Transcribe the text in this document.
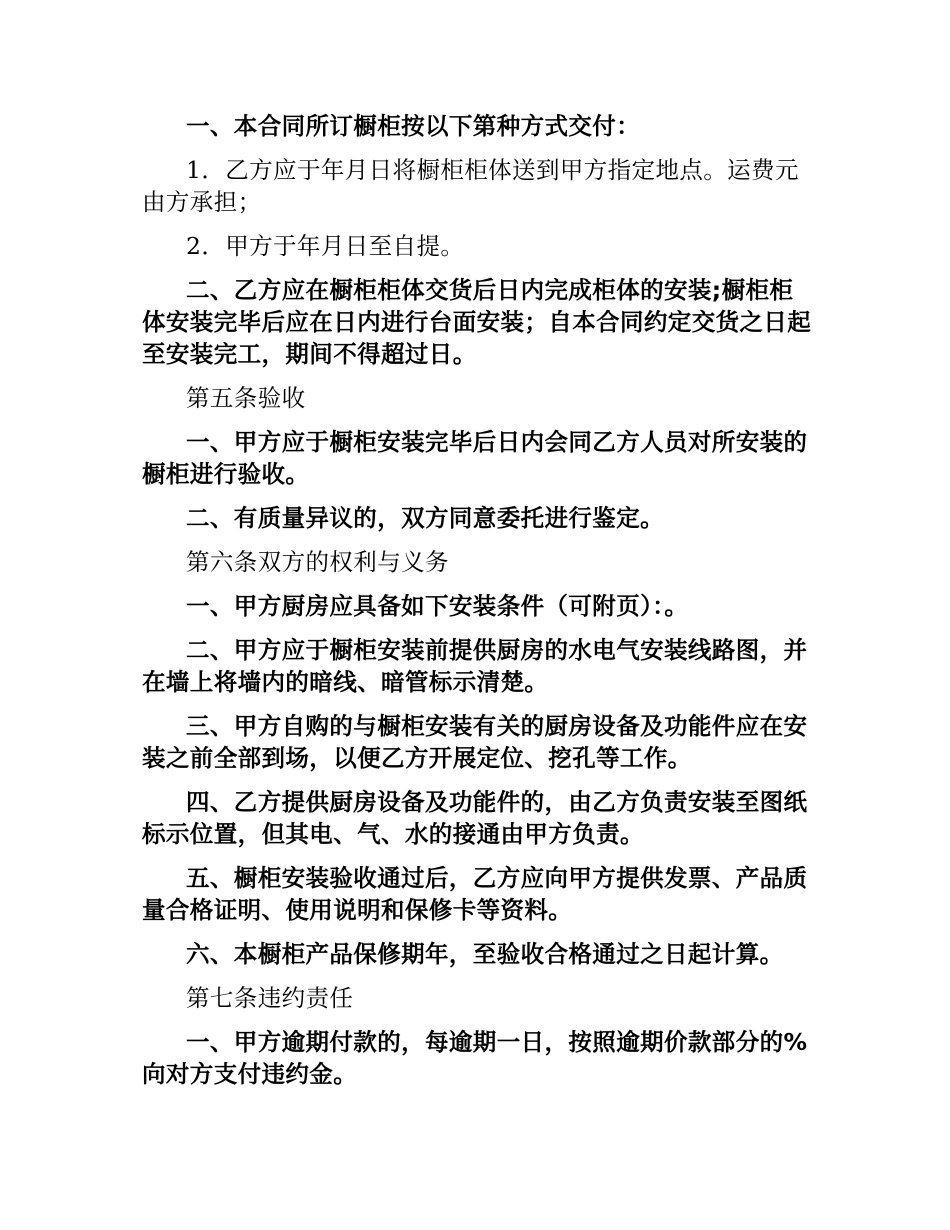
一、本合同所订橱柜按以下第种方式交付：

1．乙方应于年月日将橱柜柜体送到甲方指定地点。运费元由方承担；

2．甲方于年月日至自提。

二、乙方应在橱柜柜体交货后日内完成柜体的安装;橱柜柜体安装完毕后应在日内进行台面安装；自本合同约定交货之日起至安装完工，期间不得超过日。

第五条验收

一、甲方应于橱柜安装完毕后日内会同乙方人员对所安装的橱柜进行验收。

二、有质量异议的，双方同意委托进行鉴定。

第六条双方的权利与义务

一、甲方厨房应具备如下安装条件（可附页）：。

二、甲方应于橱柜安装前提供厨房的水电气安装线路图，并在墙上将墙内的暗线、暗管标示清楚。

三、甲方自购的与橱柜安装有关的厨房设备及功能件应在安装之前全部到场，以便乙方开展定位、挖孔等工作。

四、乙方提供厨房设备及功能件的，由乙方负责安装至图纸标示位置，但其电、气、水的接通由甲方负责。

五、橱柜安装验收通过后，乙方应向甲方提供发票、产品质量合格证明、使用说明和保修卡等资料。

六、本橱柜产品保修期年，至验收合格通过之日起计算。

第七条违约责任

一、甲方逾期付款的，每逾期一日，按照逾期价款部分的%向对方支付违约金。
